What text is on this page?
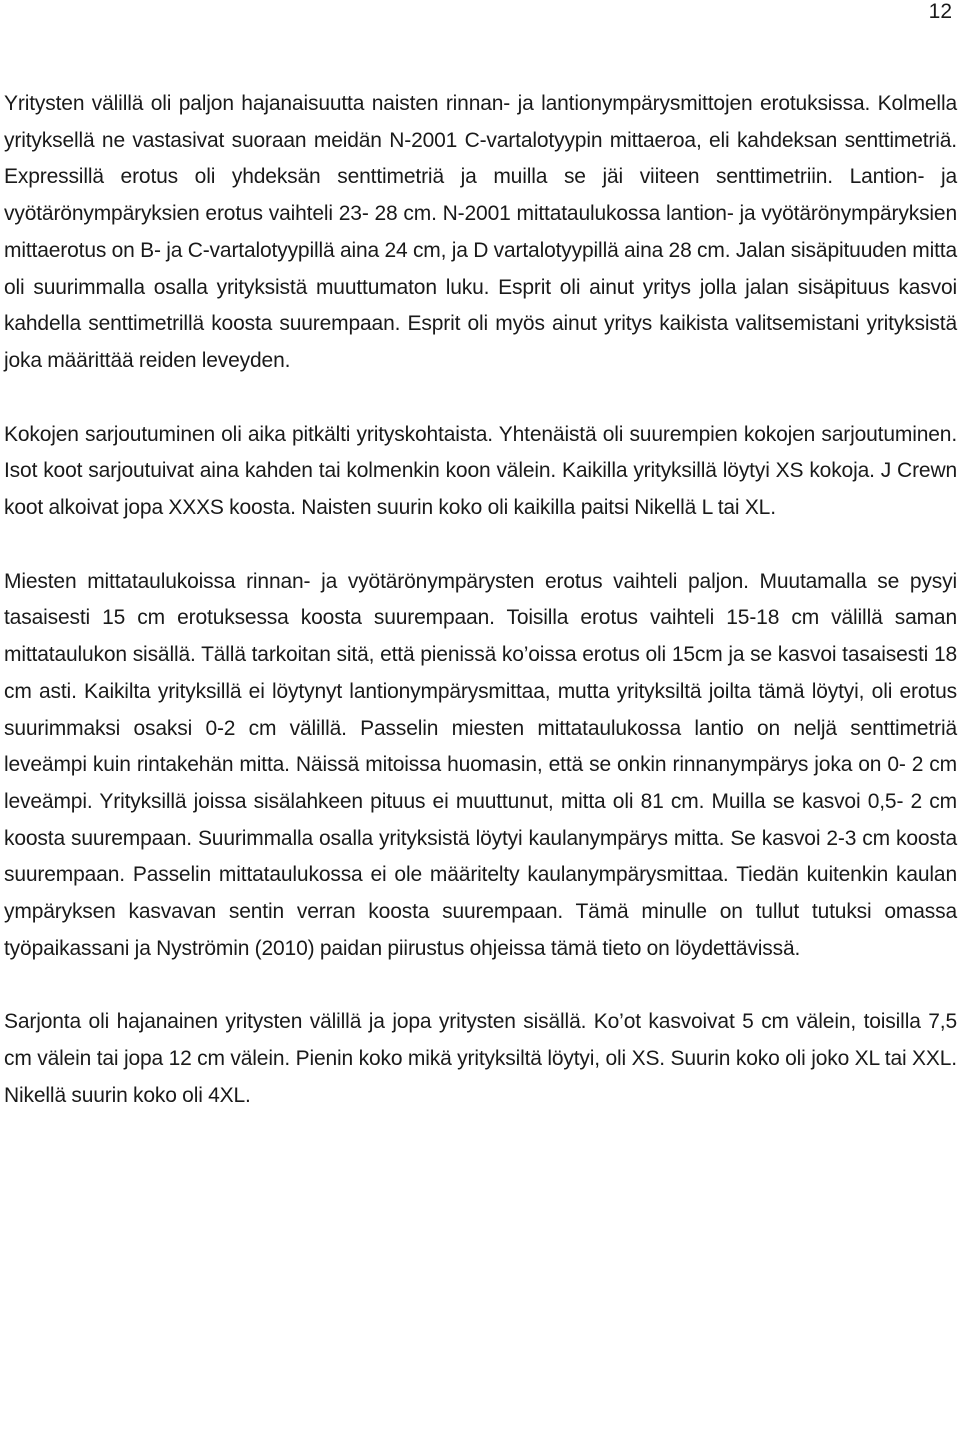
12

Yritysten välillä oli paljon hajanaisuutta naisten rinnan- ja lantionympärysmittojen erotuksissa. Kolmella yrityksellä ne vastasivat suoraan meidän N-2001 C-vartalotyypin mittaeroa, eli kahdeksan senttimetriä. Expressillä erotus oli yhdeksän senttimetriä ja muilla se jäi viiteen senttimetriin. Lantion- ja vyötärönympäryksien erotus vaihteli 23- 28 cm. N-2001 mittataulukossa lantion- ja vyötärönympäryksien mittaerotus on B- ja C-vartalotyypillä aina 24 cm, ja D vartalotyypillä aina 28 cm. Jalan sisäpituuden mitta oli suurimmalla osalla yrityksistä muuttumaton luku. Esprit oli ainut yritys jolla jalan sisäpituus kasvoi kahdella senttimetrillä koosta suurempaan. Esprit oli myös ainut yritys kaikista valitsemistani yrityksistä joka määrittää reiden leveyden.

Kokojen sarjoutuminen oli aika pitkälti yrityskohtaista. Yhtenäistä oli suurempien kokojen sarjoutuminen. Isot koot sarjoutuivat aina kahden tai kolmenkin koon välein. Kaikilla yrityksillä löytyi XS kokoja. J Crewn koot alkoivat jopa XXXS koosta. Naisten suurin koko oli kaikilla paitsi Nikellä L tai XL.

Miesten mittataulukoissa rinnan- ja vyötärönympärysten erotus vaihteli paljon. Muutamalla se pysyi tasaisesti 15 cm erotuksessa koosta suurempaan. Toisilla erotus vaihteli 15-18 cm välillä saman mittataulukon sisällä. Tällä tarkoitan sitä, että pienissä ko’oissa erotus oli 15cm ja se kasvoi tasaisesti 18 cm asti. Kaikilta yrityksillä ei löytynyt lantionympärysmittaa, mutta yrityksiltä joilta tämä löytyi, oli erotus suurimmaksi osaksi 0-2 cm välillä. Passelin miesten mittataulukossa lantio on neljä senttimetriä leveämpi kuin rintakehän mitta. Näissä mitoissa huomasin, että se onkin rinnanympärys joka on 0- 2 cm leveämpi. Yrityksillä joissa sisälahkeen pituus ei muuttunut, mitta oli 81 cm. Muilla se kasvoi 0,5- 2 cm koosta suurempaan. Suurimmalla osalla yrityksistä löytyi kaulanympärys mitta. Se kasvoi 2-3 cm koosta suurempaan. Passelin mittataulukossa ei ole määritelty kaulanympärysmittaa. Tiedän kuitenkin kaulan ympäryksen kasvavan sentin verran koosta suurempaan. Tämä minulle on tullut tutuksi omassa työpaikassani ja Nyströmin (2010) paidan piirustus ohjeissa tämä tieto on löydettävissä.

Sarjonta oli hajanainen yritysten välillä ja jopa yritysten sisällä. Ko’ot kasvoivat 5 cm välein, toisilla 7,5 cm välein tai jopa 12 cm välein. Pienin koko mikä yrityksiltä löytyi, oli XS. Suurin koko oli joko XL tai XXL. Nikellä suurin koko oli 4XL.
